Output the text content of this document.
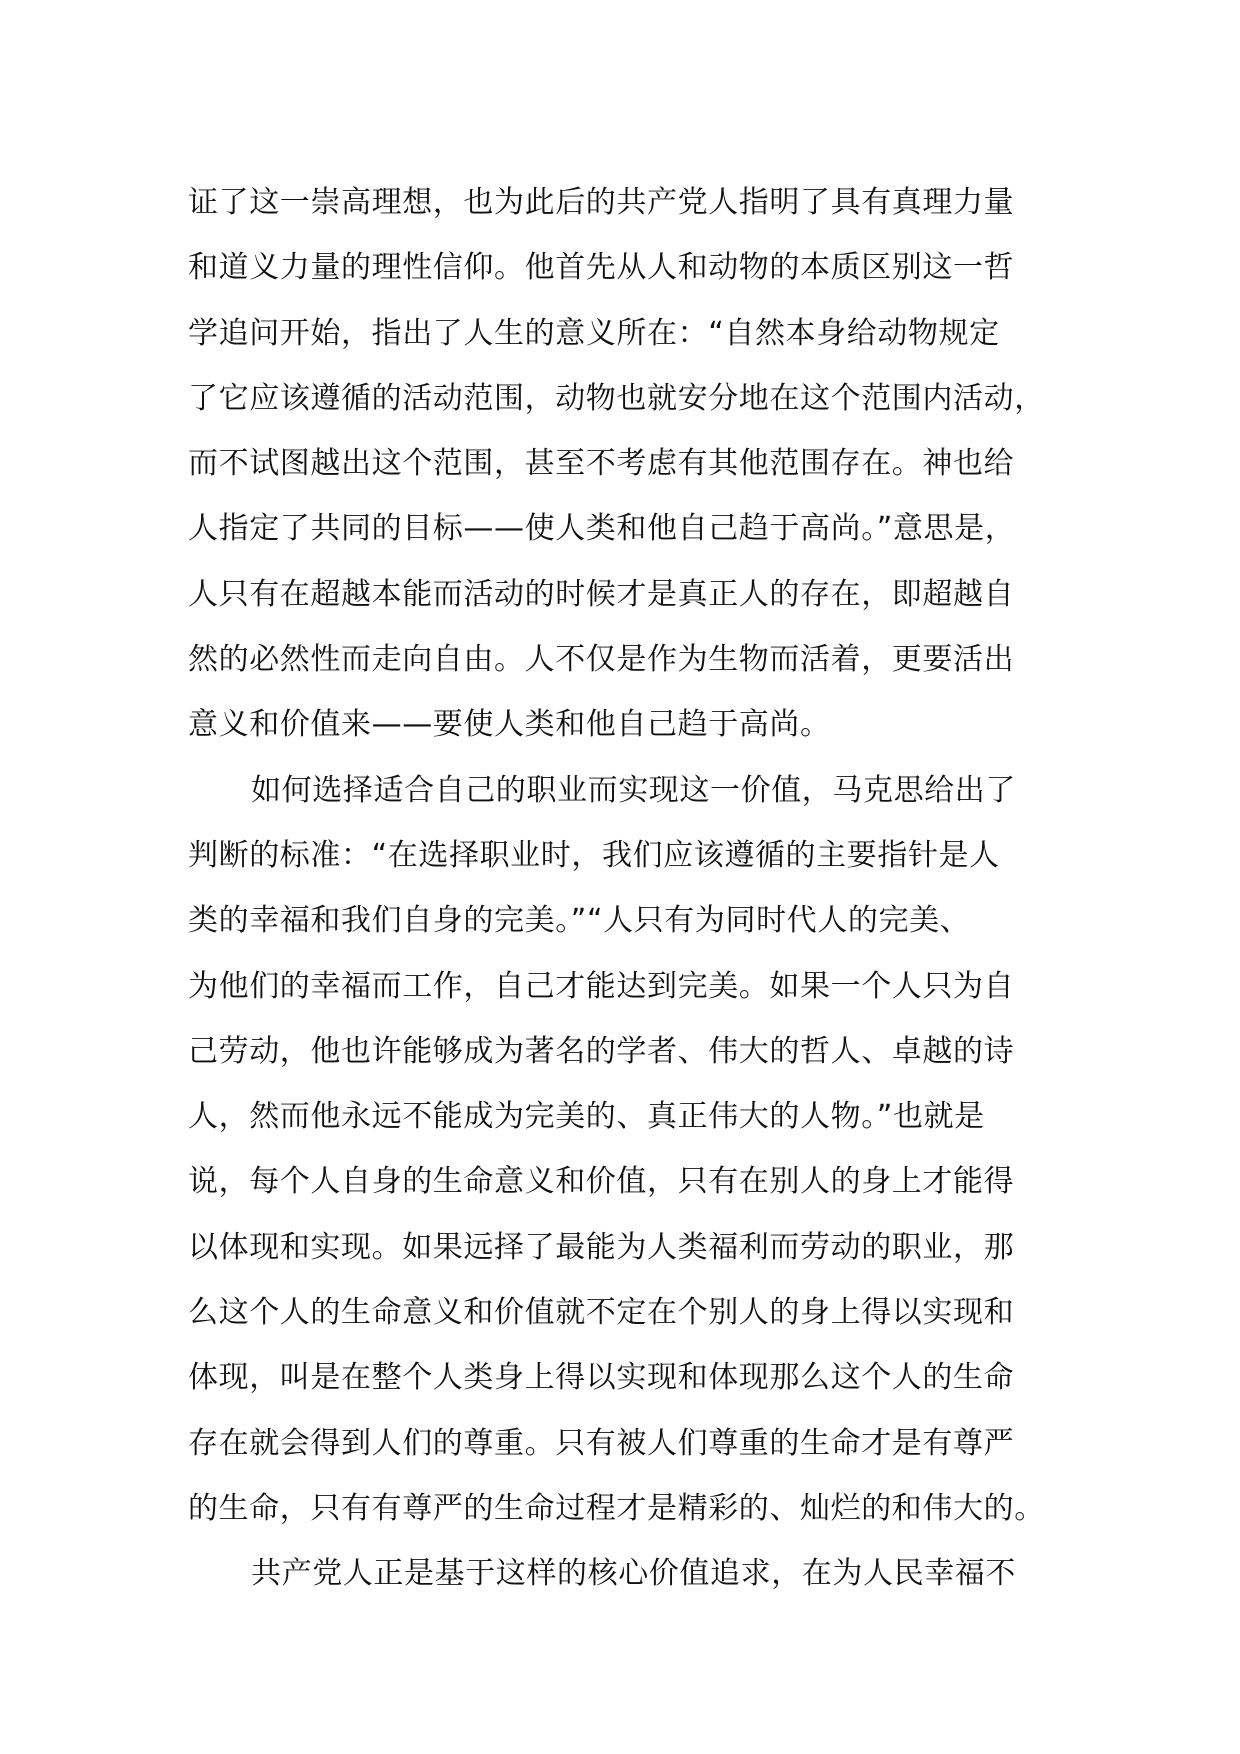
证了这一崇高理想，也为此后的共产党人指明了具有真理力量
和道义力量的理性信仰。他首先从人和动物的本质区别这一哲
学追问开始，指出了人生的意义所在：“自然本身给动物规定
了它应该遵循的活动范围，动物也就安分地在这个范围内活动，
而不试图越出这个范围，甚至不考虑有其他范围存在。神也给
人指定了共同的目标——使人类和他自己趋于高尚。”意思是，
人只有在超越本能而活动的时候才是真正人的存在，即超越自
然的必然性而走向自由。人不仅是作为生物而活着，更要活出
意义和价值来——要使人类和他自己趋于高尚。
如何选择适合自己的职业而实现这一价值，马克思给出了
判断的标准：“在选择职业时，我们应该遵循的主要指针是人
类的幸福和我们自身的完美。”“人只有为同时代人的完美、
为他们的幸福而工作，自己才能达到完美。如果一个人只为自
己劳动，他也许能够成为著名的学者、伟大的哲人、卓越的诗
人，然而他永远不能成为完美的、真正伟大的人物。”也就是
说，每个人自身的生命意义和价值，只有在别人的身上才能得
以体现和实现。如果远择了最能为人类福利而劳动的职业，那
么这个人的生命意义和价值就不定在个别人的身上得以实现和
体现，叫是在整个人类身上得以实现和体现那么这个人的生命
存在就会得到人们的尊重。只有被人们尊重的生命才是有尊严
的生命，只有有尊严的生命过程才是精彩的、灿烂的和伟大的。
共产党人正是基于这样的核心价值追求，在为人民幸福不
